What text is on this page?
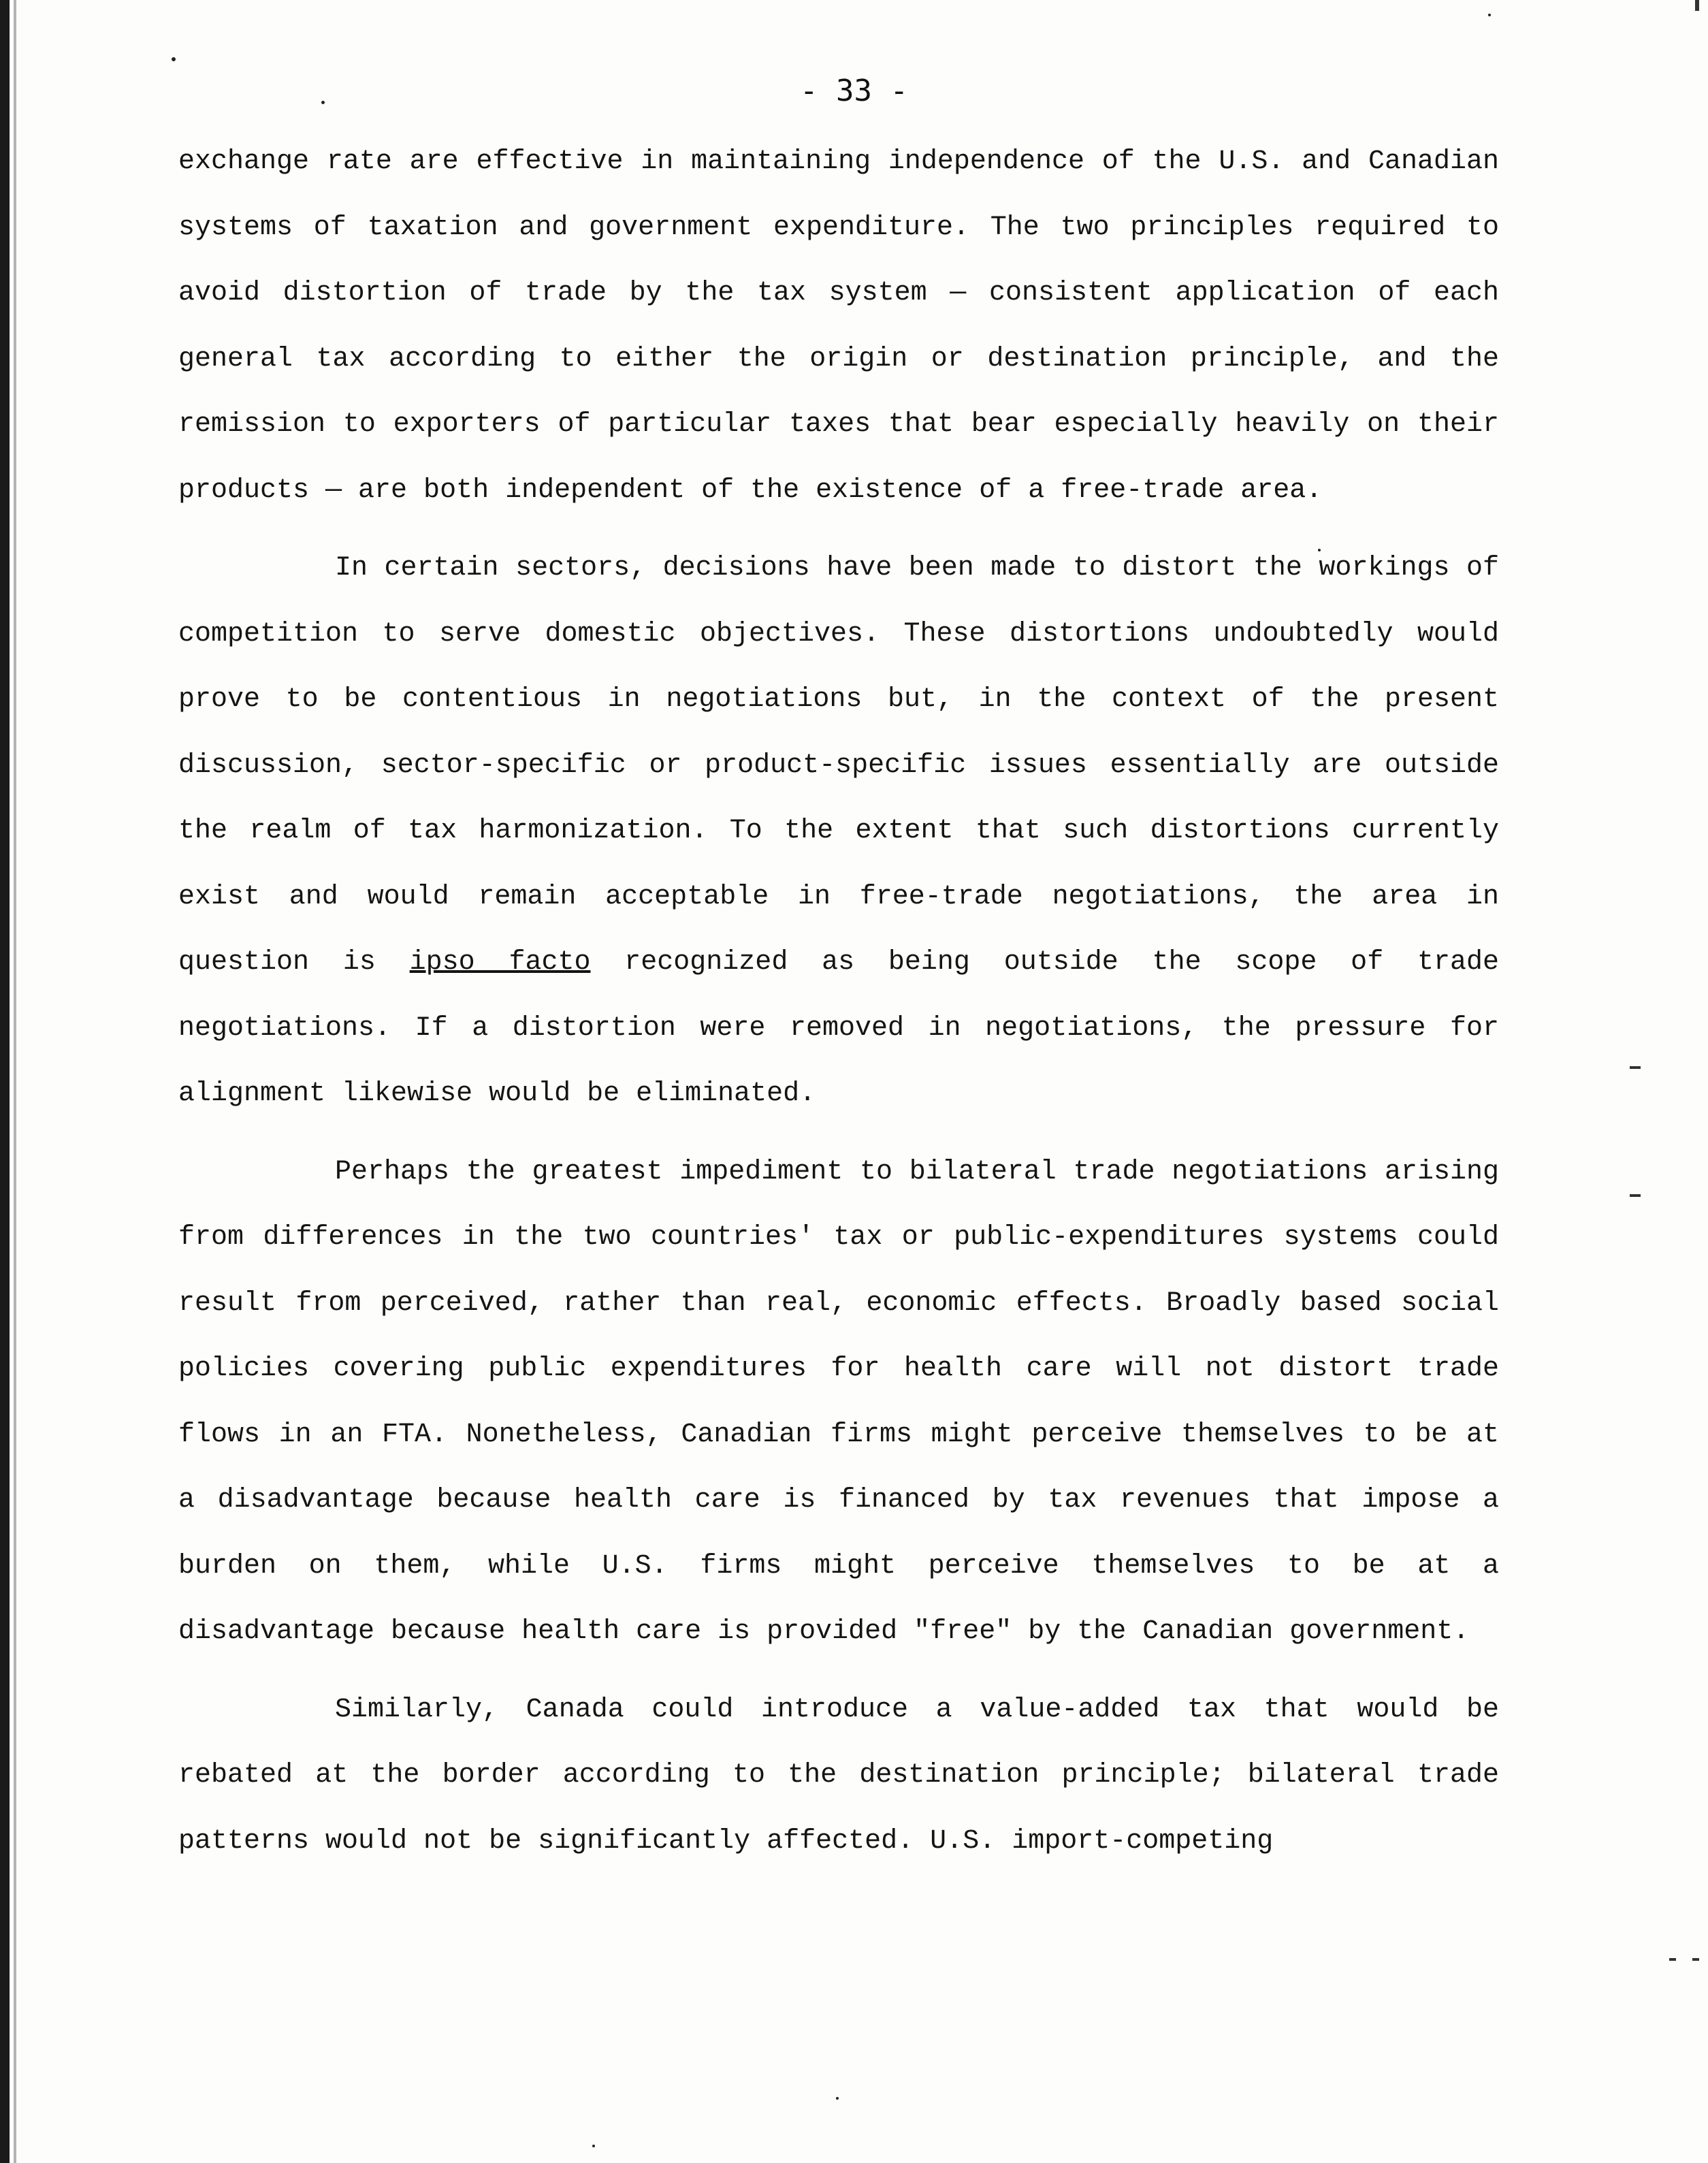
- 33 -

exchange rate are effective in maintaining independence of the U.S. and Canadian systems of taxation and government expenditure. The two principles required to avoid distortion of trade by the tax system — consistent application of each general tax according to either the origin or destination principle, and the remission to exporters of particular taxes that bear especially heavily on their products — are both independent of the existence of a free-trade area.

In certain sectors, decisions have been made to distort the workings of competition to serve domestic objectives. These distortions undoubtedly would prove to be contentious in negotiations but, in the context of the present discussion, sector-specific or product-specific issues essentially are outside the realm of tax harmonization. To the extent that such distortions currently exist and would remain acceptable in free-trade negotiations, the area in question is ipso facto recognized as being outside the scope of trade negotiations. If a distortion were removed in negotiations, the pressure for alignment likewise would be eliminated.

Perhaps the greatest impediment to bilateral trade negotiations arising from differences in the two countries' tax or public-expenditures systems could result from perceived, rather than real, economic effects. Broadly based social policies covering public expenditures for health care will not distort trade flows in an FTA. Nonetheless, Canadian firms might perceive themselves to be at a disadvantage because health care is financed by tax revenues that impose a burden on them, while U.S. firms might perceive themselves to be at a disadvantage because health care is provided "free" by the Canadian government.

Similarly, Canada could introduce a value-added tax that would be rebated at the border according to the destination principle; bilateral trade patterns would not be significantly affected. U.S. import-competing
